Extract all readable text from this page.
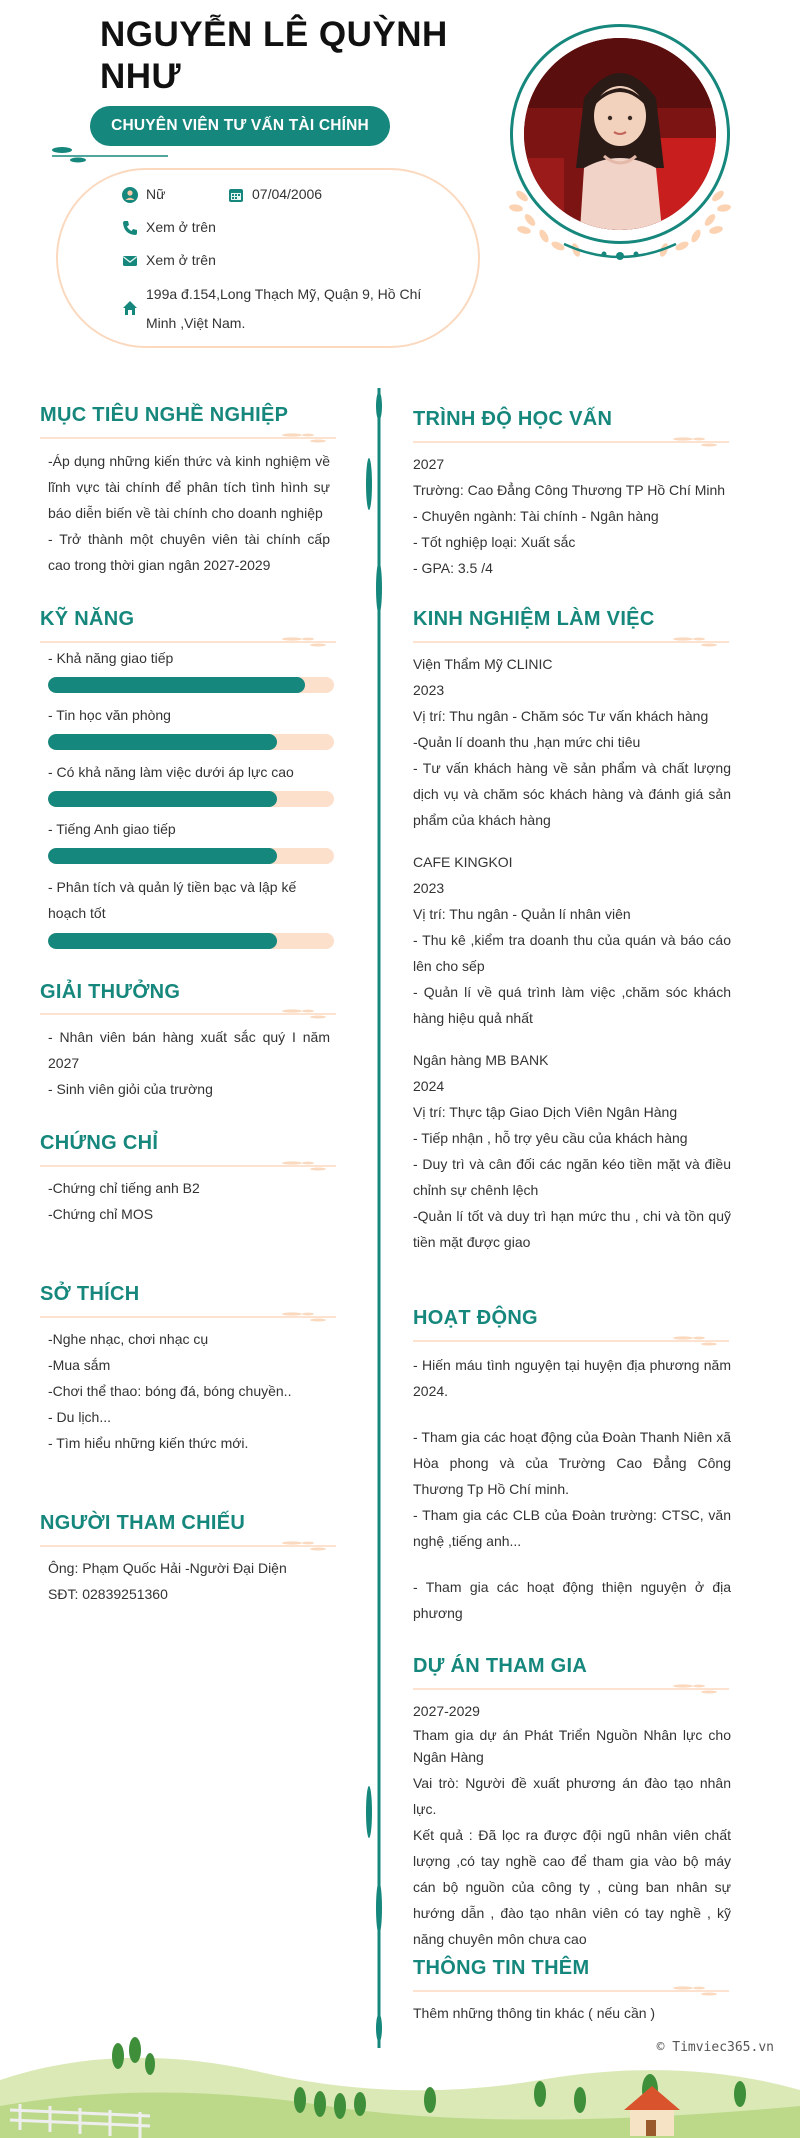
NGUYỄN LÊ QUỲNH NHƯ
CHUYÊN VIÊN TƯ VẤN TÀI CHÍNH
Nữ	07/04/2006
Xem ở trên
Xem ở trên
199a đ.154,Long Thạch Mỹ, Quận 9, Hồ Chí Minh ,Việt Nam.
MỤC TIÊU NGHỀ NGHIỆP
-Áp dụng những kiến thức và kinh nghiệm về lĩnh vực tài chính để phân tích tình hình sự báo diễn biến về tài chính cho doanh nghiệp
- Trở thành một chuyên viên tài chính cấp cao trong thời gian ngân 2027-2029
KỸ NĂNG
- Khả năng giao tiếp
- Tin học văn phòng
- Có khả năng làm việc dưới áp lực cao
- Tiếng Anh giao tiếp
- Phân tích và quản lý tiền bạc và lập kế hoạch tốt
GIẢI THƯỞNG
- Nhân viên bán hàng xuất sắc quý I năm 2027
- Sinh viên giỏi của trường
CHỨNG CHỈ
-Chứng chỉ tiếng anh B2
-Chứng chỉ MOS
SỞ THÍCH
-Nghe nhạc, chơi nhạc cụ
-Mua sắm
-Chơi thể thao: bóng đá, bóng chuyền..
- Du lịch...
- Tìm hiểu những kiến thức mới.
NGƯỜI THAM CHIẾU
Ông: Phạm Quốc Hải -Người Đại Diện
SĐT: 02839251360
TRÌNH ĐỘ HỌC VẤN
2027
Trường: Cao Đẳng Công Thương TP Hồ Chí Minh
- Chuyên ngành: Tài chính - Ngân hàng
- Tốt nghiệp loại: Xuất sắc
- GPA: 3.5 /4
KINH NGHIỆM LÀM VIỆC
Viện Thẩm Mỹ CLINIC
2023
Vị trí: Thu ngân - Chăm sóc Tư vấn khách hàng
-Quản lí doanh thu ,hạn mức chi tiêu
- Tư vấn khách hàng về sản phẩm và chất lượng dịch vụ và chăm sóc khách hàng và đánh giá sản phẩm của khách hàng
CAFE KINGKOI
2023
Vị trí: Thu ngân - Quản lí nhân viên
- Thu kê ,kiểm tra doanh thu của quán và báo cáo lên cho sếp
- Quản lí về quá trình làm việc ,chăm sóc khách hàng hiệu quả nhất
Ngân hàng MB BANK
2024
Vị trí: Thực tập Giao Dịch Viên Ngân Hàng
- Tiếp nhận , hỗ trợ yêu cầu của khách hàng
- Duy trì và cân đối các ngăn kéo tiền mặt và điều chỉnh sự chênh lệch
-Quản lí tốt và duy trì hạn mức thu , chi và tồn quỹ tiền mặt được giao
HOẠT ĐỘNG
- Hiến máu tình nguyện tại huyện địa phương năm 2024.
- Tham gia các hoạt động của Đoàn Thanh Niên xã Hòa phong và của Trường Cao Đẳng Công Thương Tp Hồ Chí minh.
- Tham gia các CLB của Đoàn trường: CTSC, văn nghệ ,tiếng anh...
- Tham gia các hoạt động thiện nguyện ở địa phương
DỰ ÁN THAM GIA
2027-2029
Tham gia dự án Phát Triển Nguồn Nhân lực cho Ngân Hàng
Vai trò: Người đề xuất phương án đào tạo nhân lực.
Kết quả : Đã lọc ra được đội ngũ nhân viên chất lượng ,có tay nghề cao để tham gia vào bộ máy cán bộ nguồn của công ty , cùng ban nhân sự hướng dẫn , đào tạo nhân viên có tay nghề , kỹ năng chuyên môn chưa cao
THÔNG TIN THÊM
Thêm những thông tin khác ( nếu cần )
© Timviec365.vn
